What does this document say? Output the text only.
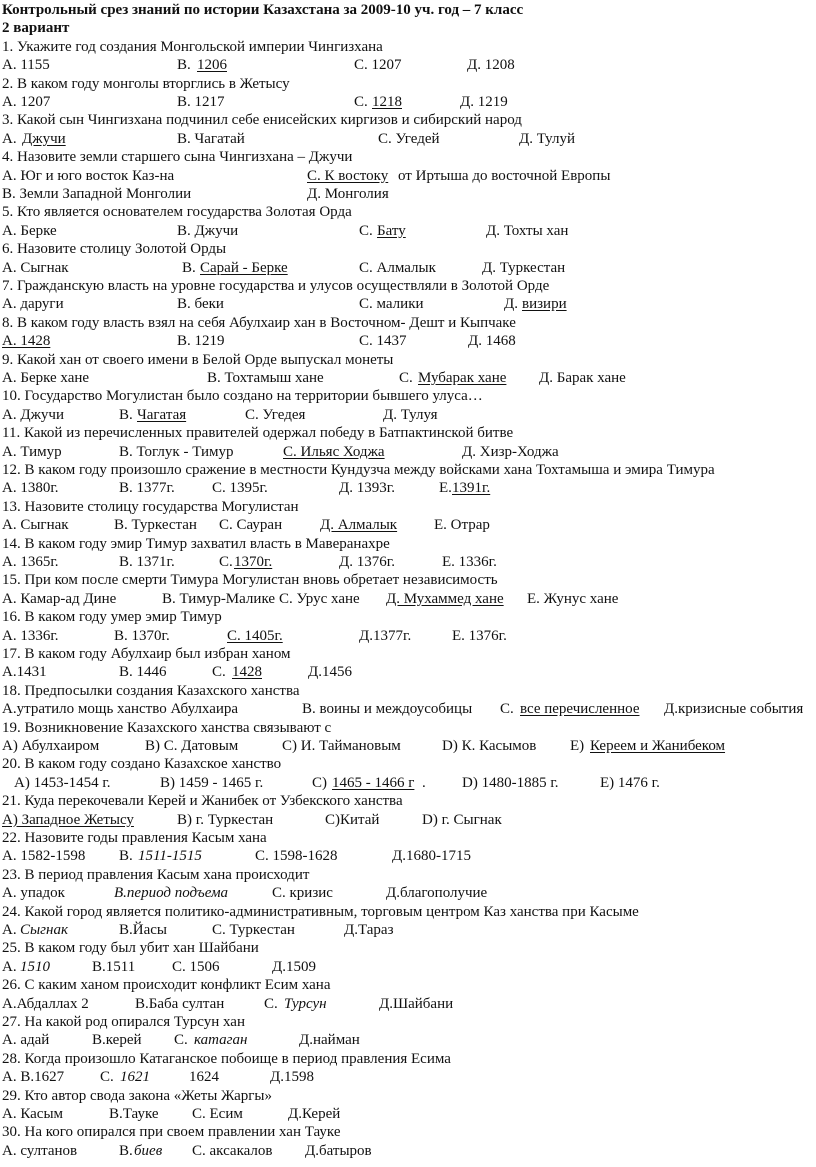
Контрольный срез знаний по истории Казахстана за 2009-10 уч. год – 7 класс
2 вариант
1. Укажите год создания Монгольской империи Чингизхана
А. 1155	В. 1206	С. 1207	Д. 1208
2. В каком году монголы вторглись в Жетысу
А. 1207	В. 1217	С. 1218	Д. 1219
3. Какой сын Чингизхана подчинил себе енисейских киргизов и сибирский народ
А. Джучи	В. Чагатай	С. Угедей	Д. Тулуй
4. Назовите земли старшего сына Чингизхана – Джучи
А. Юг и юго восток Каз-на	С. К востоку от Иртыша до восточной Европы
В. Земли Западной Монголии	Д. Монголия
5. Кто является основателем государства Золотая Орда
А. Берке	В. Джучи	С. Бату	Д. Тохты хан
6. Назовите столицу Золотой Орды
А. Сыгнак	В. Сарай - Берке	С. Алмалык	Д. Туркестан
7. Гражданскую власть на уровне государства и улусов осуществляли в Золотой Орде
А. даруги	В. беки	С. малики	Д. визири
8. В каком году власть взял на себя Абулхаир хан в Восточном- Дешт и Кыпчаке
А. 1428	В. 1219	С. 1437	Д. 1468
9. Какой хан от своего имени в Белой Орде выпускал монеты
А. Берке хане	В. Тохтамыш хане	С. Мубарак хане Д. Барак хане
10. Государство Могулистан было создано на территории бывшего улуса…
А. Джучи	В. Чагатая	С. Угедея	Д. Тулуя
11. Какой из перечисленных правителей одержал победу в Батпактинской битве
А. Тимур	В. Тоглук - Тимур	С. Ильяс Ходжа	Д. Хизр-Ходжа
12. В каком году произошло сражение в местности Кундузча между войсками хана Тохтамыша и эмира Тимура
А. 1380г.	В. 1377г. С. 1395г.	Д. 1393г.	Е. 1391г.
13. Назовите столицу государства Могулистан
А. Сыгнак	В. Туркестан С. Сауран	Д. Алмалык Е. Отрар
14. В каком году эмир Тимур захватил власть в Мaвeрaнахре
А. 1365г.	В. 1371г.	С. 1370г.	Д. 1376г.	Е. 1336г.
15. При ком после смерти Тимура Могулистан вновь обретает независимость
А. Камар-ад Дине	В. Тимур-Малике С. Урус хане Д. Мухаммед хане Е. Жунус хане
16. В каком году умер эмир Тимур
А. 1336г.	В. 1370г.	С. 1405г.	Д.1377г.	Е. 1376г.
17. В каком году Абулхаир был избран ханом
А.1431	В. 1446	С. 1428	Д.1456
18. Предпосылки создания Казахского ханства
А.утратило мощь ханство Абулхаира	В. воины и междоусобицы С. все перечисленное Д.кризисные события
19. Возникновение Казахского ханства связывают с
А) Абулхаиром	В) С. Датовым	С) И. Таймановым	D) К. Касымов Е) Кереем и Жанибеком
20. В каком году создано Казахское ханство
А) 1453-1454 г.	В) 1459 - 1465 г.	С) 1465 - 1466 г . D) 1480-1885 г.	Е) 1476 г.
21. Куда перекочевали Керей и Жанибек от Узбекского ханства
А) Западное Жетысу	В) г. Туркестан	С)Китай	D) г. Сыгнак
22. Назовите годы правления Касым хана
А. 1582-1598 В. 1511-1515	С. 1598-1628	Д.1680-1715
23. В период правления Касым хана происходит
А. упадок	В.период подъема	С. кризис	Д.благополучие
24. Какой город является политико-административным, торговым центром Каз ханства при Касыме
А. Сыгнак	В.Йасы	С. Туркестан	Д.Тараз
25. В каком году был убит хан Шайбани
А. 1510	В.1511 С. 1506	Д.1509
26. С каким ханом происходит конфликт Есим хана
А.Абдаллах 2	В.Баба султан	С. Турсун	Д.Шайбани
27. На какой род опирался Турсун хан
А. адай	В.керей С. катаган	Д.найман
28. Когда произошло Катаганское побоище в период правления Есима
А. В.1627 С. 1621	1624	Д.1598
29. Кто автор свода закона «Жеты Жаргы»
А. Касым	В.Тауке С. Есим	Д.Керей
30. На кого опирался при своем правлении хан Тауке
А. султанов	В. биев С. аксакалов Д.батыров
